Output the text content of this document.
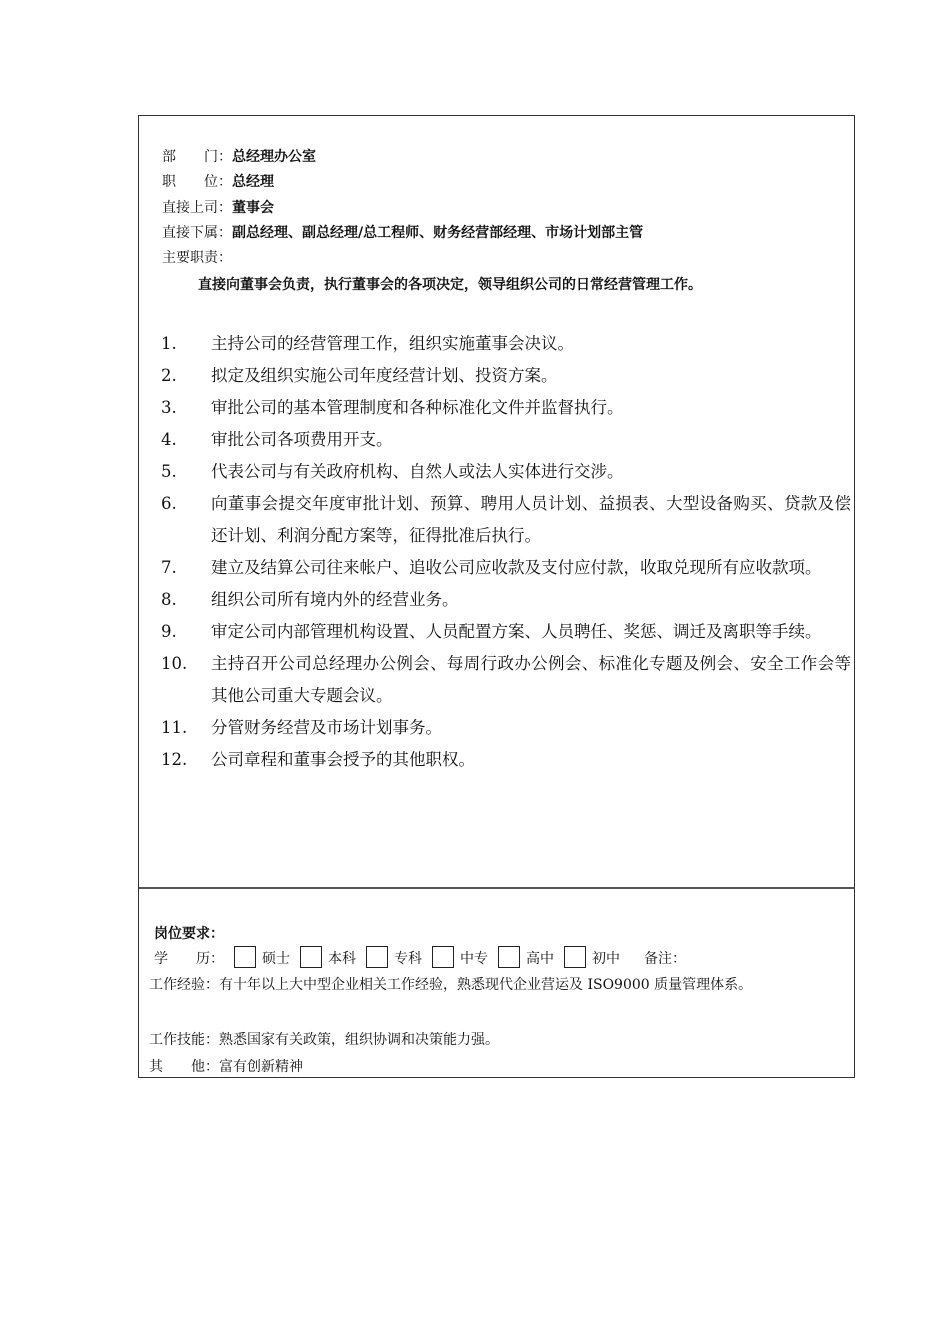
部　　门：总经理办公室
职　　位：总经理
直接上司：董事会
直接下属：副总经理、副总经理/总工程师、财务经营部经理、市场计划部主管
主要职责：
直接向董事会负责，执行董事会的各项决定，领导组织公司的日常经营管理工作。
1. 主持公司的经营管理工作，组织实施董事会决议。
2. 拟定及组织实施公司年度经营计划、投资方案。
3. 审批公司的基本管理制度和各种标准化文件并监督执行。
4. 审批公司各项费用开支。
5. 代表公司与有关政府机构、自然人或法人实体进行交涉。
6. 向董事会提交年度审批计划、预算、聘用人员计划、益损表、大型设备购买、贷款及偿还计划、利润分配方案等，征得批准后执行。
7. 建立及结算公司往来帐户、追收公司应收款及支付应付款，收取兑现所有应收款项。
8. 组织公司所有境内外的经营业务。
9. 审定公司内部管理机构设置、人员配置方案、人员聘任、奖惩、调迁及离职等手续。
10. 主持召开公司总经理办公例会、每周行政办公例会、标准化专题及例会、安全工作会等其他公司重大专题会议。
11. 分管财务经营及市场计划事务。
12. 公司章程和董事会授予的其他职权。
岗位要求：
学　　历：	硕士	本科	专科	中专	高中	初中 备注：
工作经验：有十年以上大中型企业相关工作经验，熟悉现代企业营运及 ISO9000 质量管理体系。
工作技能：熟悉国家有关政策，组织协调和决策能力强。
其　　他：富有创新精神
